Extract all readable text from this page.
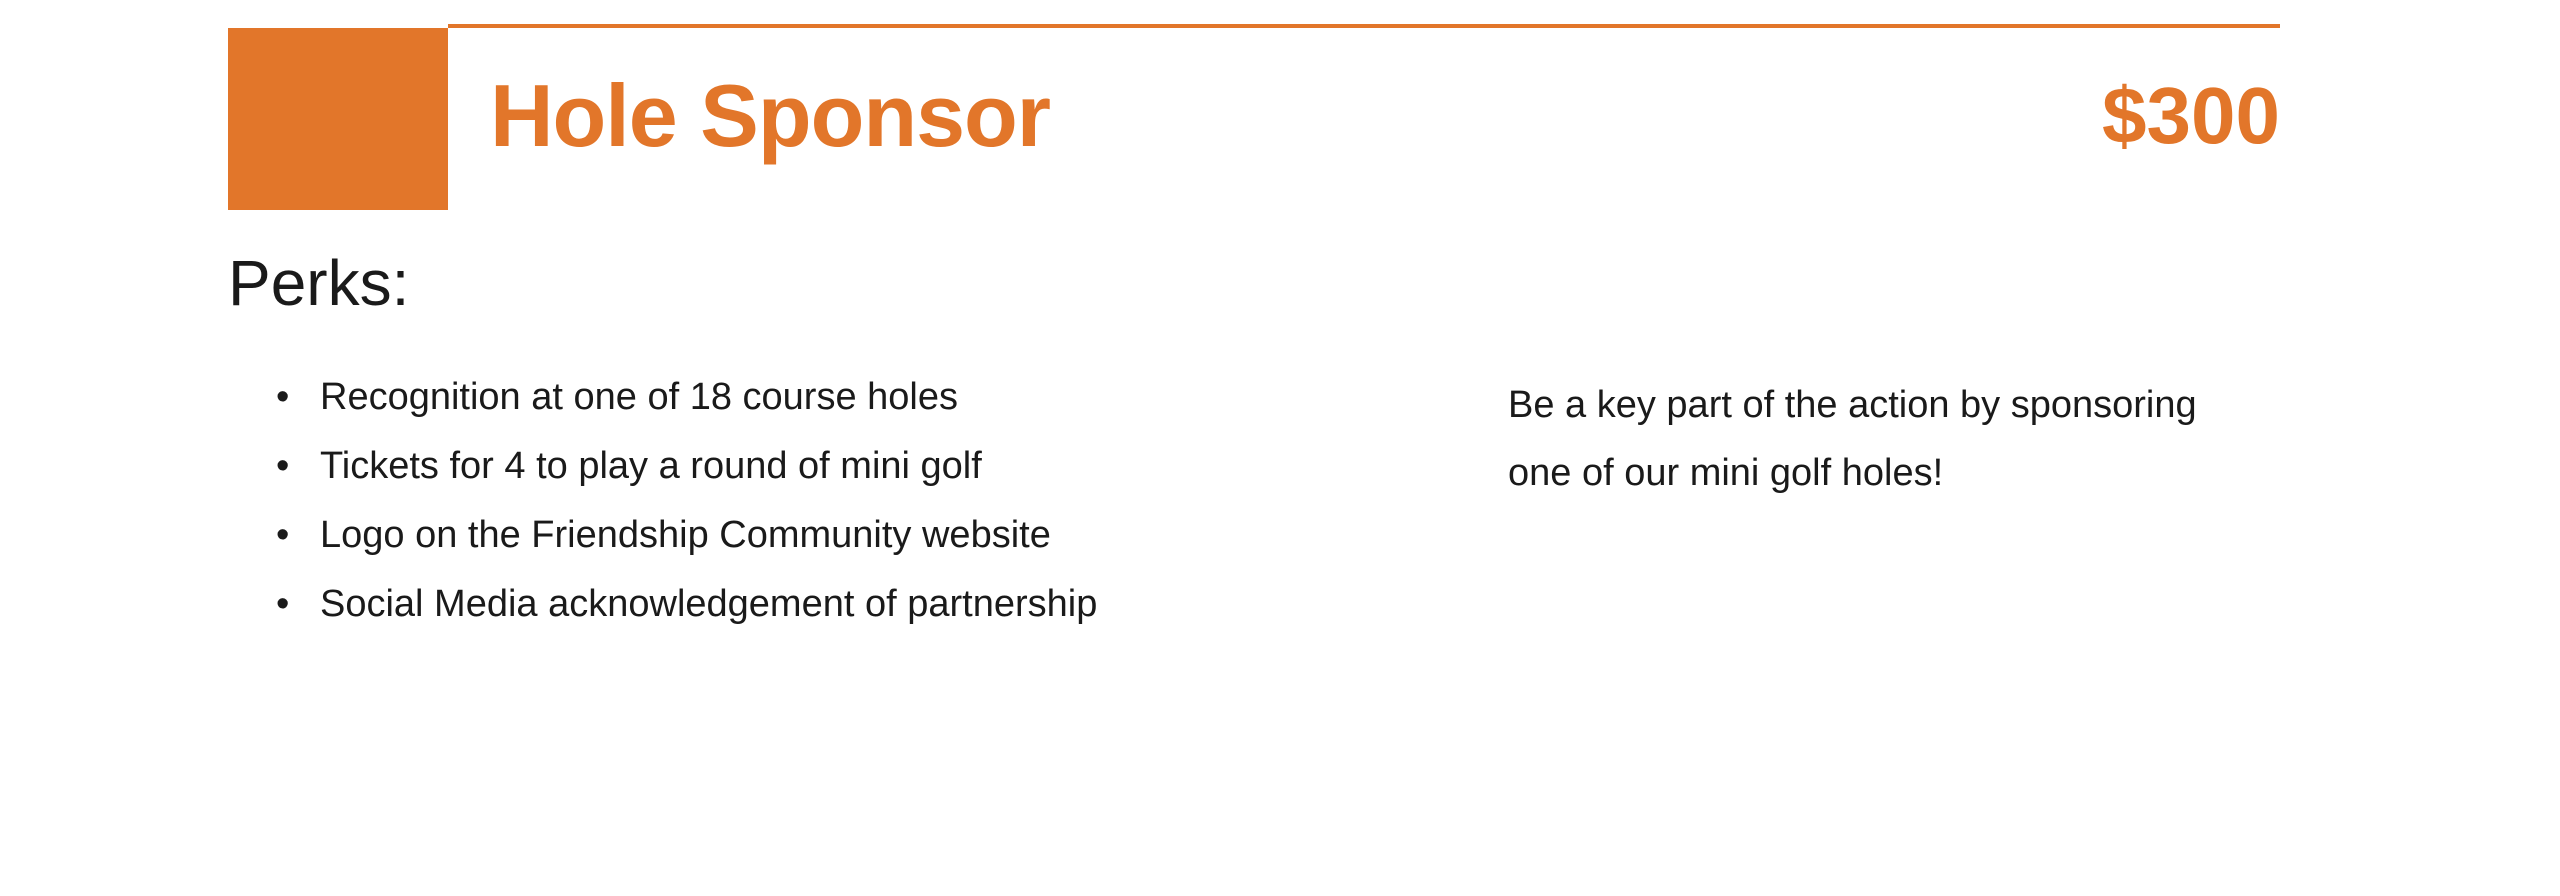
Hole Sponsor	$300
Perks:
• Recognition at one of 18 course holes
• Tickets for 4 to play a round of mini golf
• Logo on the Friendship Community website
• Social Media acknowledgement of partnership
Be a key part of the action by sponsoring one of our mini golf holes!
